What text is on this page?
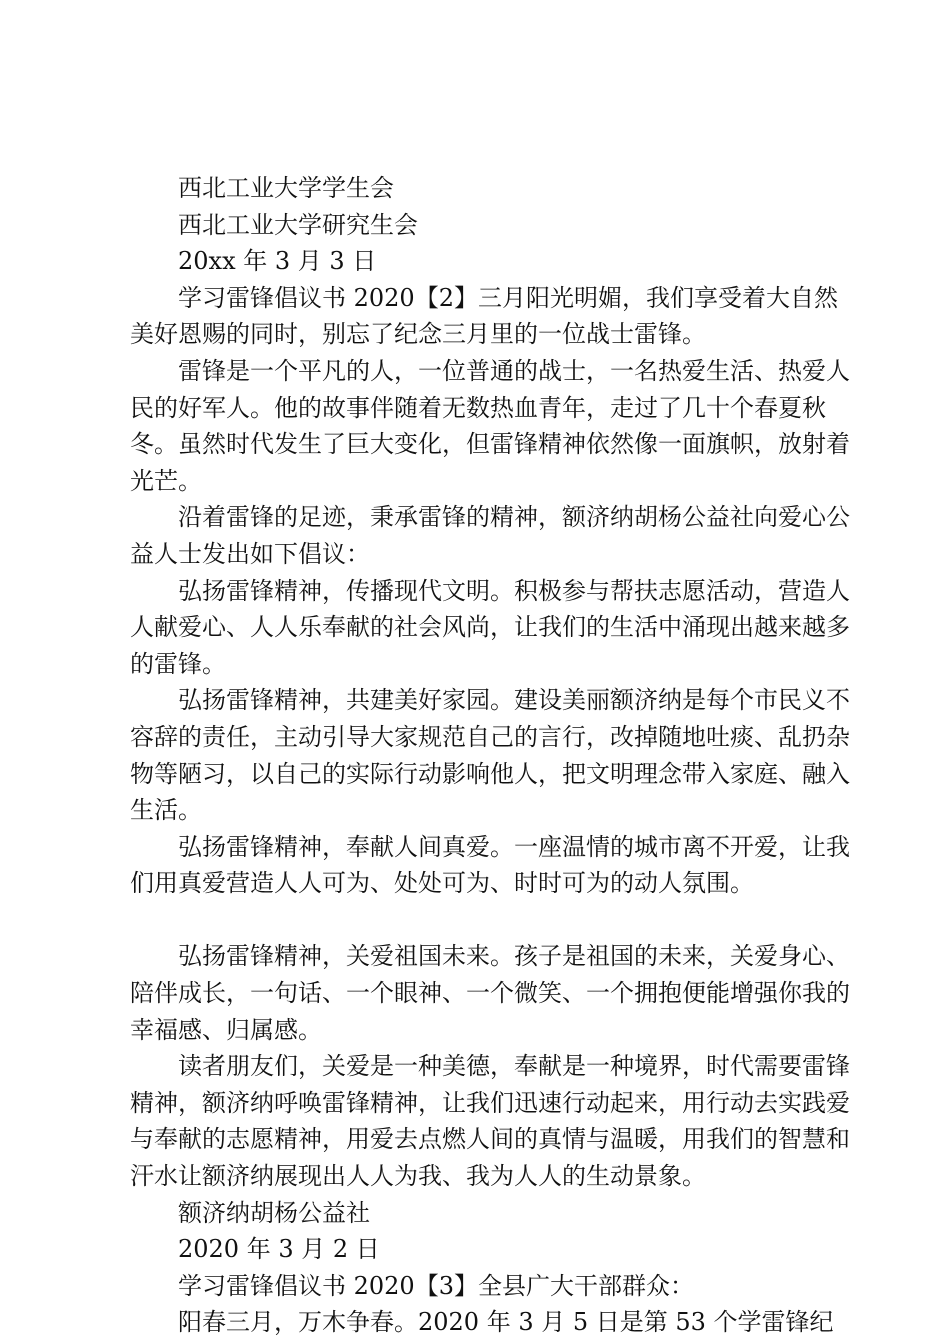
西北工业大学学生会

西北工业大学研究生会

20xx 年 3 月 3 日

学习雷锋倡议书 2020【2】三月阳光明媚，我们享受着大自然美好恩赐的同时，别忘了纪念三月里的一位战士雷锋。

雷锋是一个平凡的人，一位普通的战士，一名热爱生活、热爱人民的好军人。他的故事伴随着无数热血青年，走过了几十个春夏秋冬。虽然时代发生了巨大变化，但雷锋精神依然像一面旗帜，放射着光芒。

沿着雷锋的足迹，秉承雷锋的精神，额济纳胡杨公益社向爱心公益人士发出如下倡议：

弘扬雷锋精神，传播现代文明。积极参与帮扶志愿活动，营造人人献爱心、人人乐奉献的社会风尚，让我们的生活中涌现出越来越多的雷锋。

弘扬雷锋精神，共建美好家园。建设美丽额济纳是每个市民义不容辞的责任，主动引导大家规范自己的言行，改掉随地吐痰、乱扔杂物等陋习，以自己的实际行动影响他人，把文明理念带入家庭、融入生活。

弘扬雷锋精神，奉献人间真爱。一座温情的城市离不开爱，让我们用真爱营造人人可为、处处可为、时时可为的动人氛围。

弘扬雷锋精神，关爱祖国未来。孩子是祖国的未来，关爱身心、陪伴成长，一句话、一个眼神、一个微笑、一个拥抱便能增强你我的幸福感、归属感。

读者朋友们，关爱是一种美德，奉献是一种境界，时代需要雷锋精神，额济纳呼唤雷锋精神，让我们迅速行动起来，用行动去实践爱与奉献的志愿精神，用爱去点燃人间的真情与温暖，用我们的智慧和汗水让额济纳展现出人人为我、我为人人的生动景象。

额济纳胡杨公益社

2020 年 3 月 2 日

学习雷锋倡议书 2020【3】全县广大干部群众：

阳春三月，万木争春。2020 年 3 月 5 日是第 53 个学雷锋纪
